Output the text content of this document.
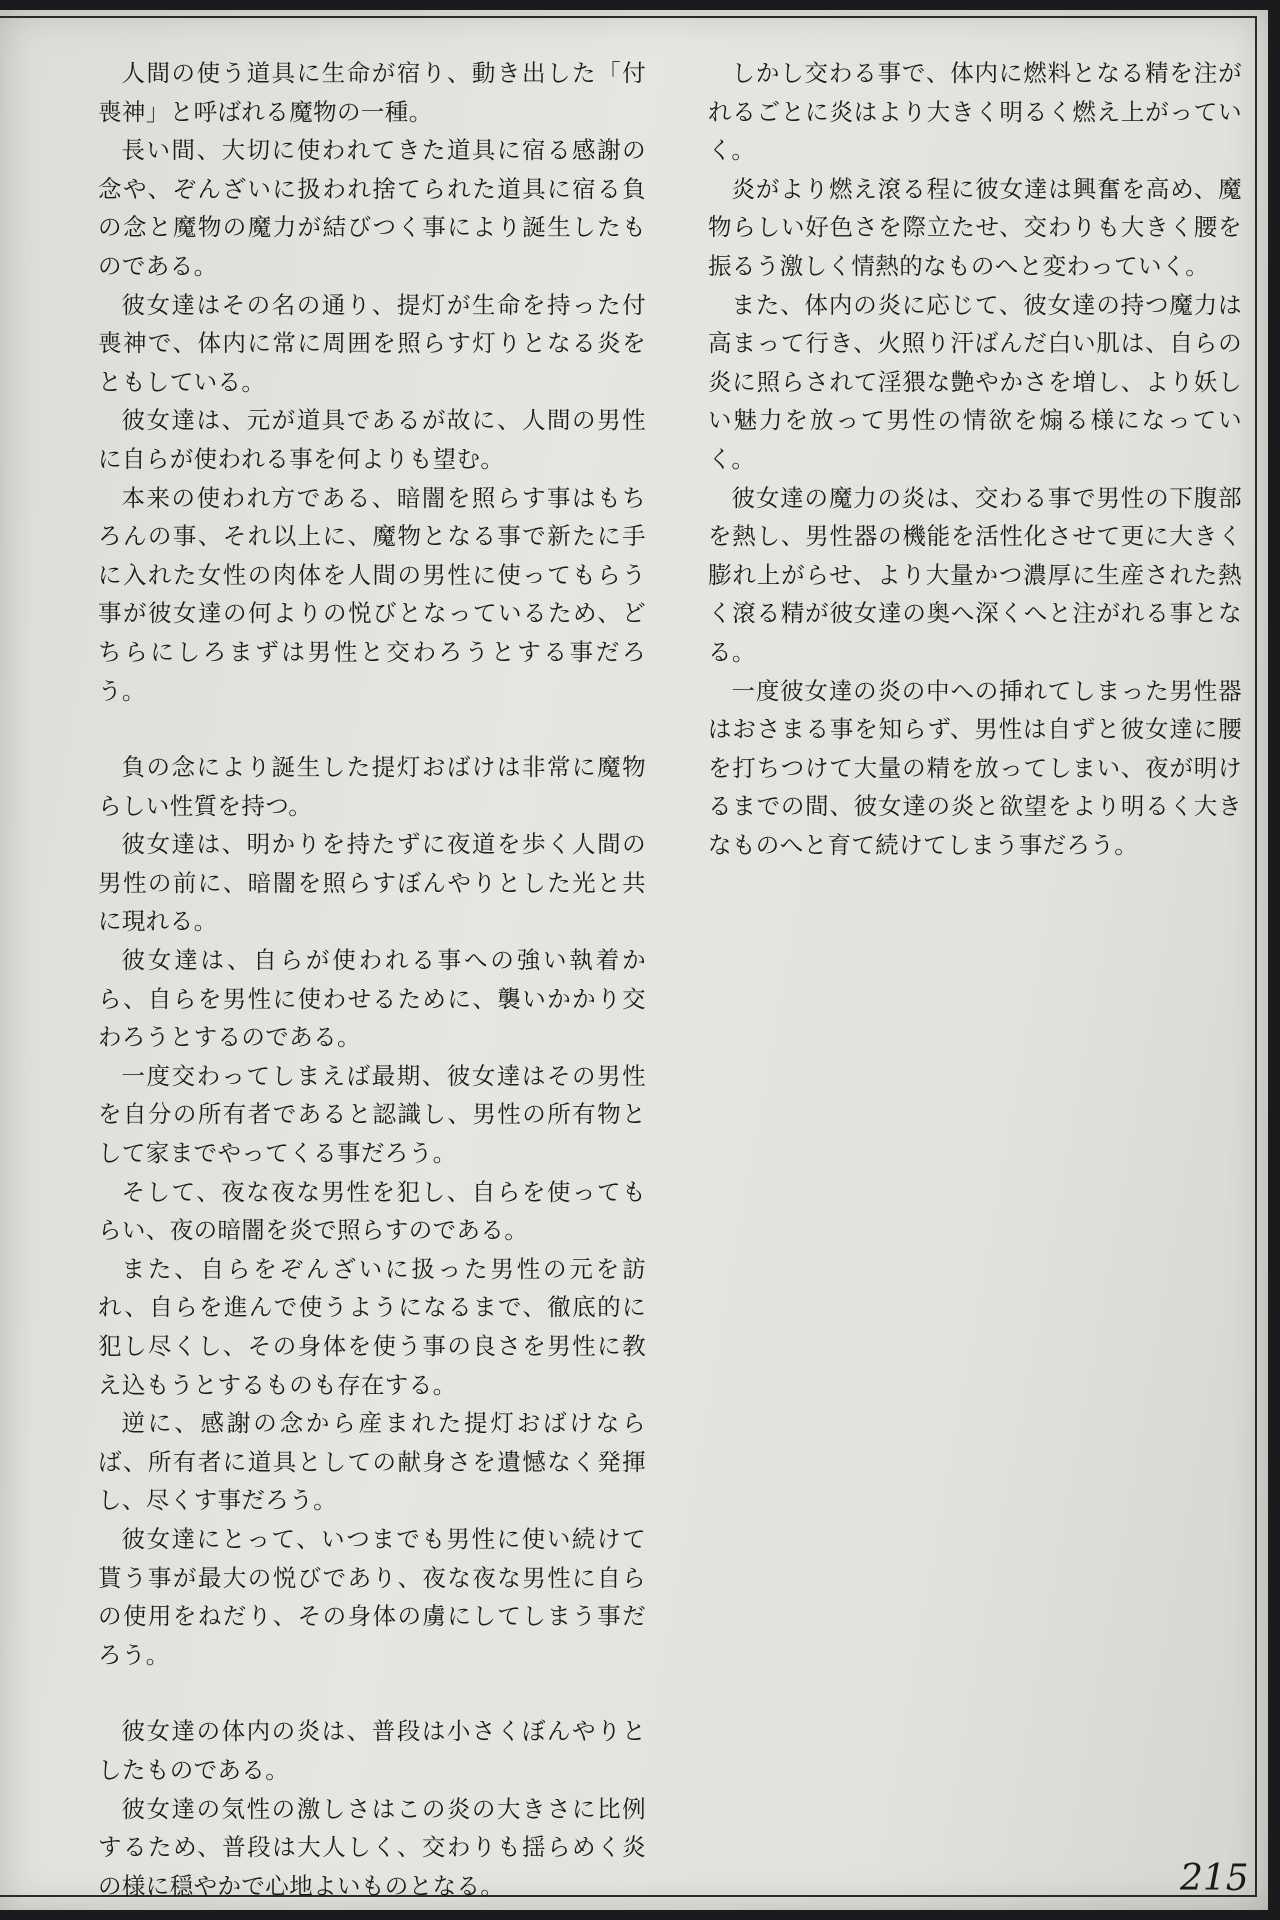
人間の使う道具に生命が宿り、動き出した「付喪神」と呼ばれる魔物の一種。

長い間、大切に使われてきた道具に宿る感謝の念や、ぞんざいに扱われ捨てられた道具に宿る負の念と魔物の魔力が結びつく事により誕生したものである。

彼女達はその名の通り、提灯が生命を持った付喪神で、体内に常に周囲を照らす灯りとなる炎をともしている。

彼女達は、元が道具であるが故に、人間の男性に自らが使われる事を何よりも望む。

本来の使われ方である、暗闇を照らす事はもちろんの事、それ以上に、魔物となる事で新たに手に入れた女性の肉体を人間の男性に使ってもらう事が彼女達の何よりの悦びとなっているため、どちらにしろまずは男性と交わろうとする事だろう。

負の念により誕生した提灯おばけは非常に魔物らしい性質を持つ。

彼女達は、明かりを持たずに夜道を歩く人間の男性の前に、暗闇を照らすぼんやりとした光と共に現れる。

彼女達は、自らが使われる事への強い執着から、自らを男性に使わせるために、襲いかかり交わろうとするのである。

一度交わってしまえば最期、彼女達はその男性を自分の所有者であると認識し、男性の所有物として家までやってくる事だろう。

そして、夜な夜な男性を犯し、自らを使ってもらい、夜の暗闇を炎で照らすのである。

また、自らをぞんざいに扱った男性の元を訪れ、自らを進んで使うようになるまで、徹底的に犯し尽くし、その身体を使う事の良さを男性に教え込もうとするものも存在する。

逆に、感謝の念から産まれた提灯おばけならば、所有者に道具としての献身さを遺憾なく発揮し、尽くす事だろう。

彼女達にとって、いつまでも男性に使い続けて貰う事が最大の悦びであり、夜な夜な男性に自らの使用をねだり、その身体の虜にしてしまう事だろう。

彼女達の体内の炎は、普段は小さくぼんやりとしたものである。

彼女達の気性の激しさはこの炎の大きさに比例するため、普段は大人しく、交わりも揺らめく炎の様に穏やかで心地よいものとなる。

しかし交わる事で、体内に燃料となる精を注がれるごとに炎はより大きく明るく燃え上がっていく。

炎がより燃え滾る程に彼女達は興奮を高め、魔物らしい好色さを際立たせ、交わりも大きく腰を振るう激しく情熱的なものへと変わっていく。

また、体内の炎に応じて、彼女達の持つ魔力は高まって行き、火照り汗ばんだ白い肌は、自らの炎に照らされて淫猥な艶やかさを増し、より妖しい魅力を放って男性の情欲を煽る様になっていく。

彼女達の魔力の炎は、交わる事で男性の下腹部を熱し、男性器の機能を活性化させて更に大きく膨れ上がらせ、より大量かつ濃厚に生産された熱く滾る精が彼女達の奥へ深くへと注がれる事となる。

一度彼女達の炎の中への挿れてしまった男性器はおさまる事を知らず、男性は自ずと彼女達に腰を打ちつけて大量の精を放ってしまい、夜が明けるまでの間、彼女達の炎と欲望をより明るく大きなものへと育て続けてしまう事だろう。

215
